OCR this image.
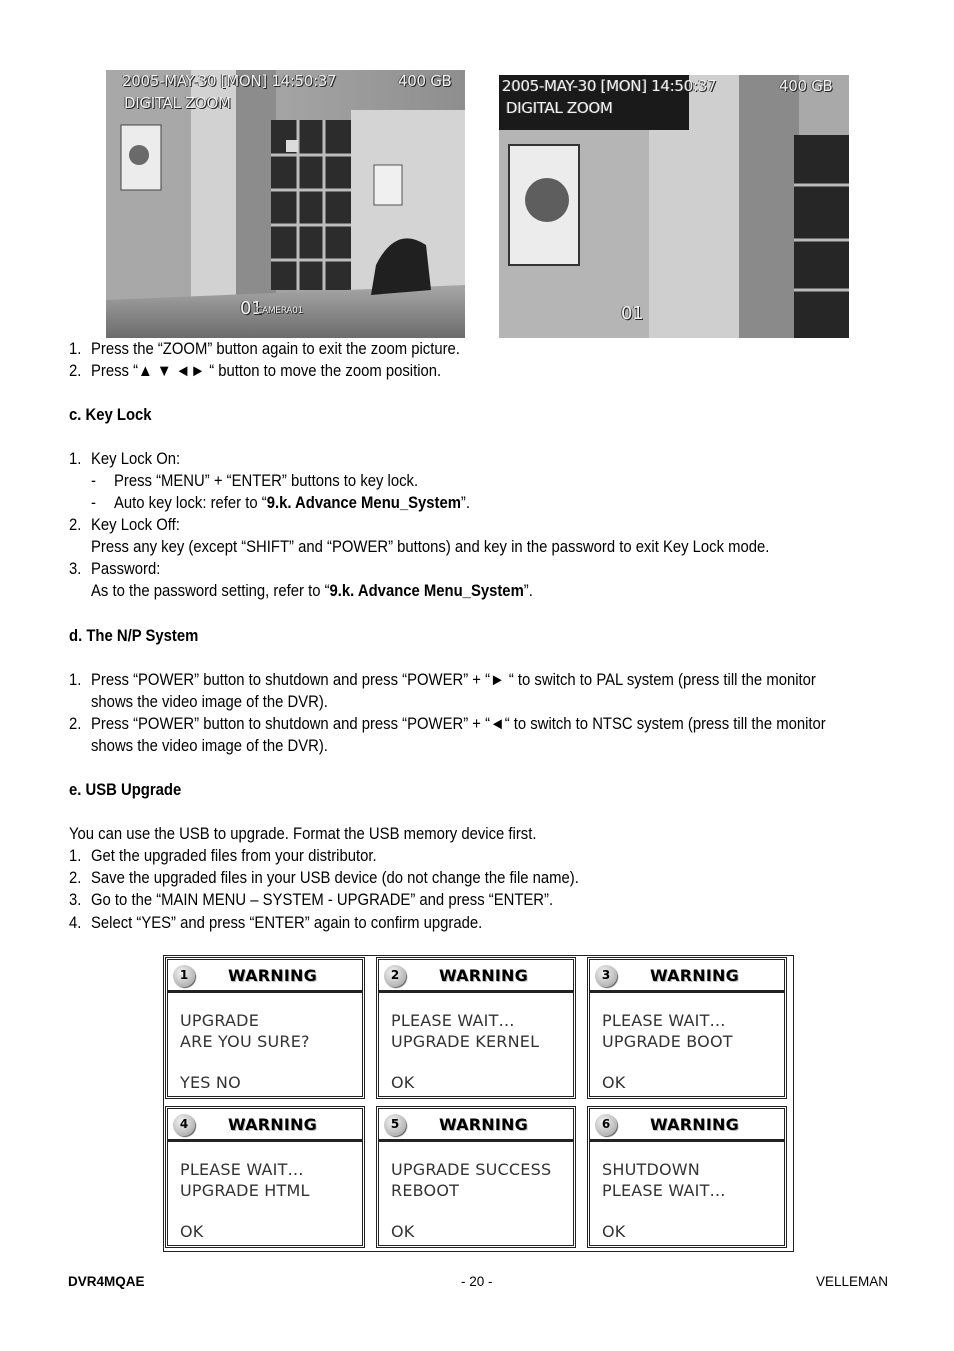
2005-MAY-30 [MON] 14:50:37	400 GB
DIGITAL ZOOM
01
CAMERA01
2005-MAY-30 [MON] 14:50:37	400 GB
DIGITAL ZOOM
01
1. Press the “ZOOM” button again to exit the zoom picture.
2. Press “▲ ▼ ◄► “ button to move the zoom position.
c. Key Lock
1. Key Lock On:
- Press “MENU” + “ENTER” buttons to key lock.
- Auto key lock: refer to “9.k. Advance Menu_System”.
2. Key Lock Off:
Press any key (except “SHIFT” and “POWER” buttons) and key in the password to exit Key Lock mode.
3. Password:
As to the password setting, refer to “9.k. Advance Menu_System”.
d. The N/P System
1. Press “POWER” button to shutdown and press “POWER” + “► “ to switch to PAL system (press till the monitor
shows the video image of the DVR).
2. Press “POWER” button to shutdown and press “POWER” + “◄“ to switch to NTSC system (press till the monitor
shows the video image of the DVR).
e. USB Upgrade
You can use the USB to upgrade. Format the USB memory device first.
1. Get the upgraded files from your distributor.
2. Save the upgraded files in your USB device (do not change the file name).
3. Go to the “MAIN MENU – SYSTEM - UPGRADE” and press “ENTER”.
4. Select “YES” and press “ENTER” again to confirm upgrade.
1	WARNING
UPGRADE
ARE YOU SURE?
YES NO
2	WARNING
PLEASE WAIT…
UPGRADE KERNEL
OK
3	WARNING
PLEASE WAIT…
UPGRADE BOOT
OK
4	WARNING
PLEASE WAIT…
UPGRADE HTML
OK
5	WARNING
UPGRADE SUCCESS
REBOOT
OK
6	WARNING
SHUTDOWN
PLEASE WAIT…
OK
DVR4MQAE	- 20 -	VELLEMAN
